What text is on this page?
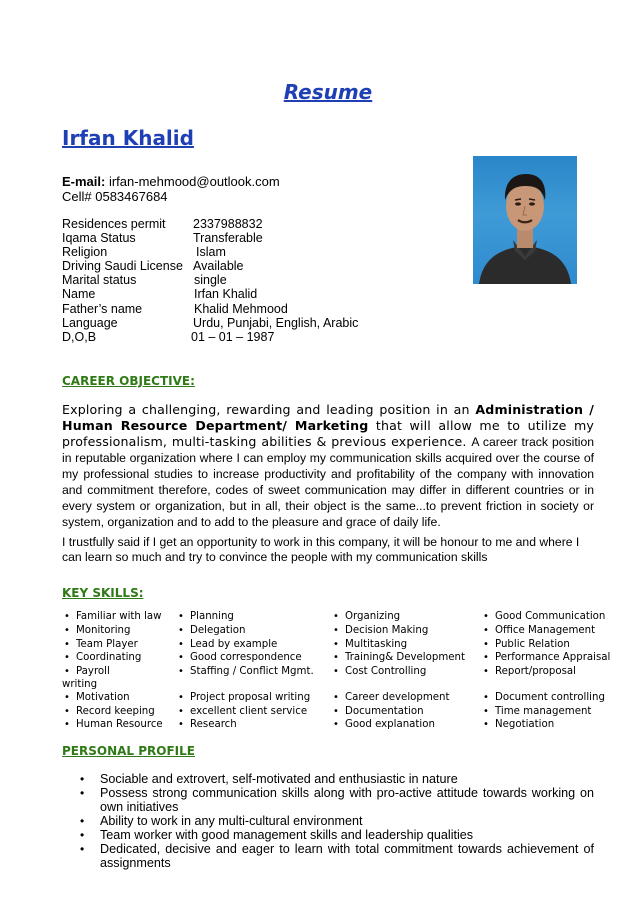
Resume
Irfan Khalid
E-mail: irfan-mehmood@outlook.com
Cell# 0583467684
Residences permit 2337988832
Iqama Status	Transferable
Religion	Islam
Driving Saudi License Available
Marital status	single
Name	Irfan Khalid
Father’s name	Khalid Mehmood
Language	Urdu, Punjabi, English, Arabic
D,O,B	01 – 01 – 1987
CAREER OBJECTIVE:
Exploring a challenging, rewarding and leading position in an Administration / Human Resource Department/ Marketing that will allow me to utilize my professionalism, multi-tasking abilities & previous experience. A career track position in reputable organization where I can employ my communication skills acquired over the course of my professional studies to increase productivity and profitability of the company with innovation and commitment therefore, codes of sweet communication may differ in different countries or in every system or organization, but in all, their object is the same...to prevent friction in society or system, organization and to add to the pleasure and grace of daily life.
I trustfully said if I get an opportunity to work in this company, it will be honour to me and where I can learn so much and try to convince the people with my communication skills
KEY SKILLS:
• Familiar with law
• Monitoring
• Team Player
• Coordinating
• Payroll
writing
• Motivation
• Record keeping
• Human Resource
• Planning
• Delegation
• Lead by example
• Good correspondence
• Staffing / Conflict Mgmt.
• Project proposal writing
• excellent client service
• Research
• Organizing
• Decision Making
• Multitasking
• Training& Development
• Cost Controlling
• Career development
• Documentation
• Good explanation
• Good Communication
• Office Management
• Public Relation
• Performance Appraisal
• Report/proposal
• Document controlling
• Time management
• Negotiation
PERSONAL PROFILE
• Sociable and extrovert, self-motivated and enthusiastic in nature
• Possess strong communication skills along with pro-active attitude towards working on own initiatives
• Ability to work in any multi-cultural environment
• Team worker with good management skills and leadership qualities
• Dedicated, decisive and eager to learn with total commitment towards achievement of assignments
